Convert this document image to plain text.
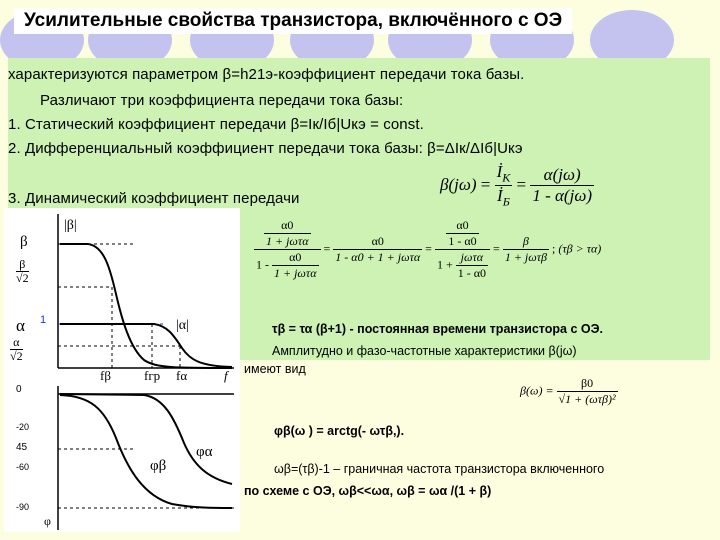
Усилительные свойства транзистора, включённого с ОЭ
характеризуются параметром β=h21э-коэффициент передачи тока базы.
Различают три коэффициента передачи тока базы:
1. Статический коэффициент передачи β=Iк/Iб|Uкэ = const.
2. Дифференциальный коэффициент передачи тока базы: β=ΔIк/ΔIб|Uкэ
3. Динамический коэффициент передачи
$\beta(j\omega) = \frac{İ_К}{İ_Б} = \frac{\alpha(j\omega)}{1 - \alpha(j\omega)}$
$\frac{\frac{\alpha 0}{\text{1 + jωτα}}}{1 - \frac{\alpha 0}{\text{1 + jωτα}}} = \frac{\alpha 0}{\text{1 - α0 + 1 + jωτα}} = \frac{\frac{\alpha 0}{1 - \alpha 0}}{1 + \frac{\text{jωτα}}{1 - \alpha 0}} = \frac{\beta}{\text{1 + jωτβ}}$ ; (τβ > τα)
τβ = τα (β+1) - постоянная времени транзистора с ОЭ.
Амплитудно и фазо-частотные характеристики β(jω)
имеют вид
$\beta(\omega) = \frac{\beta 0}{\text{√1 + (ωτβ)²}}$
φβ(ω ) = arctg(- ωτβ,).
ωβ=(τβ)-1 – граничная частота транзистора включенного
по схеме с ОЭ, ωβ<<ωα, ωβ = ωα /(1 + β)
|β|
β
$\frac{\beta}{√2}$
α 1
$\frac{\alpha}{√2}$
|α|
fβ	fгр fα	f
0
-20
45
-60
-90
φα
φβ
φ
